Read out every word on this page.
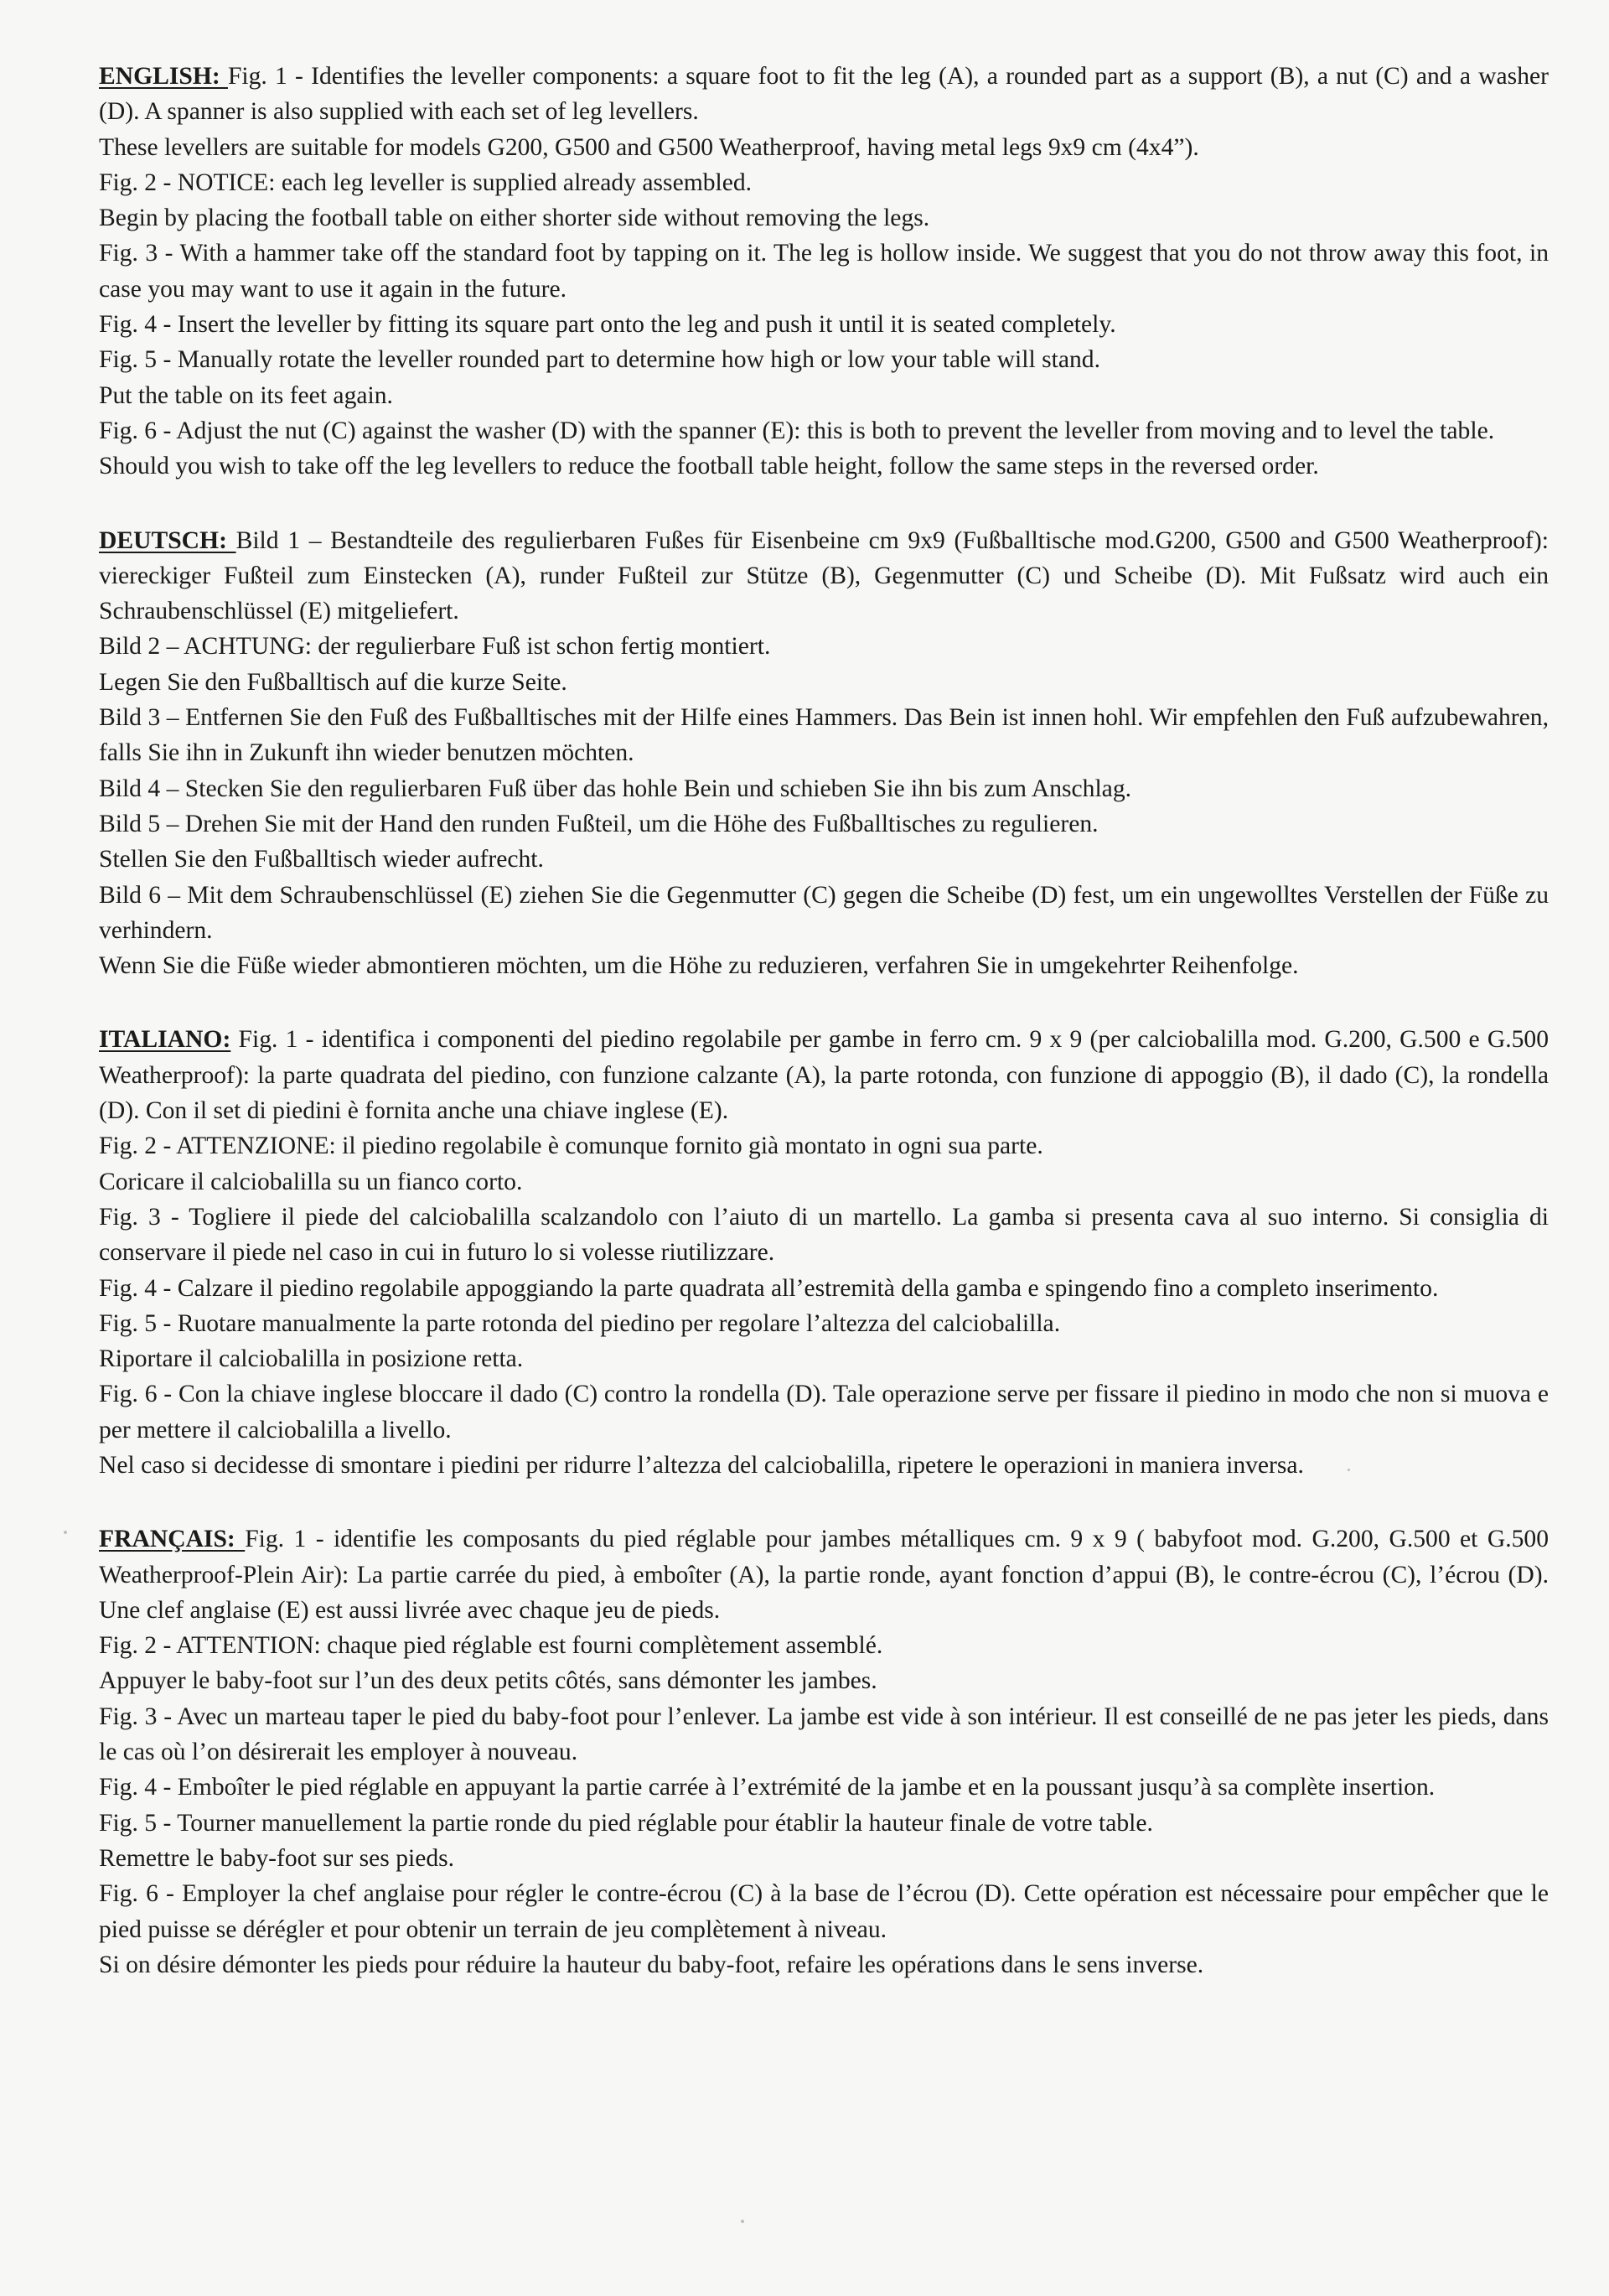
ENGLISH: Fig. 1 - Identifies the leveller components: a square foot to fit the leg (A), a rounded part as a support (B), a nut (C) and a washer (D). A spanner is also supplied with each set of leg levellers.

These levellers are suitable for models G200, G500 and G500 Weatherproof, having metal legs 9x9 cm (4x4”).

Fig. 2 - NOTICE: each leg leveller is supplied already assembled.

Begin by placing the football table on either shorter side without removing the legs.

Fig. 3 - With a hammer take off the standard foot by tapping on it. The leg is hollow inside. We suggest that you do not throw away this foot, in case you may want to use it again in the future.

Fig. 4 - Insert the leveller by fitting its square part onto the leg and push it until it is seated completely.

Fig. 5 - Manually rotate the leveller rounded part to determine how high or low your table will stand.

Put the table on its feet again.

Fig. 6 - Adjust the nut (C) against the washer (D) with the spanner (E): this is both to prevent the leveller from moving and to level the table.

Should you wish to take off the leg levellers to reduce the football table height, follow the same steps in the reversed order.

DEUTSCH: Bild 1 – Bestandteile des regulierbaren Fußes für Eisenbeine cm 9x9 (Fußballtische mod.G200, G500 and G500 Weatherproof): viereckiger Fußteil zum Einstecken (A), runder Fußteil zur Stütze (B), Gegenmutter (C) und Scheibe (D). Mit Fußsatz wird auch ein Schraubenschlüssel (E) mitgeliefert.

Bild 2 – ACHTUNG: der regulierbare Fuß ist schon fertig montiert.

Legen Sie den Fußballtisch auf die kurze Seite.

Bild 3 – Entfernen Sie den Fuß des Fußballtisches mit der Hilfe eines Hammers. Das Bein ist innen hohl. Wir empfehlen den Fuß aufzubewahren, falls Sie ihn in Zukunft ihn wieder benutzen möchten.

Bild 4 – Stecken Sie den regulierbaren Fuß über das hohle Bein und schieben Sie ihn bis zum Anschlag.

Bild 5 – Drehen Sie mit der Hand den runden Fußteil, um die Höhe des Fußballtisches zu regulieren.

Stellen Sie den Fußballtisch wieder aufrecht.

Bild 6 – Mit dem Schraubenschlüssel (E) ziehen Sie die Gegenmutter (C) gegen die Scheibe (D) fest, um ein ungewolltes Verstellen der Füße zu verhindern.

Wenn Sie die Füße wieder abmontieren möchten, um die Höhe zu reduzieren, verfahren Sie in umgekehrter Reihenfolge.

ITALIANO: Fig. 1 - identifica i componenti del piedino regolabile per gambe in ferro cm. 9 x 9 (per calciobalilla mod. G.200, G.500 e G.500 Weatherproof): la parte quadrata del piedino, con funzione calzante (A), la parte rotonda, con funzione di appoggio (B), il dado (C), la rondella (D). Con il set di piedini è fornita anche una chiave inglese (E).

Fig. 2 - ATTENZIONE: il piedino regolabile è comunque fornito già montato in ogni sua parte.

Coricare il calciobalilla su un fianco corto.

Fig. 3 - Togliere il piede del calciobalilla scalzandolo con l’aiuto di un martello. La gamba si presenta cava al suo interno. Si consiglia di conservare il piede nel caso in cui in futuro lo si volesse riutilizzare.

Fig. 4 - Calzare il piedino regolabile appoggiando la parte quadrata all’estremità della gamba e spingendo fino a completo inserimento.

Fig. 5 - Ruotare manualmente la parte rotonda del piedino per regolare l’altezza del calciobalilla.

Riportare il calciobalilla in posizione retta.

Fig. 6 - Con la chiave inglese bloccare il dado (C) contro la rondella (D). Tale operazione serve per fissare il piedino in modo che non si muova e per mettere il calciobalilla a livello.

Nel caso si decidesse di smontare i piedini per ridurre l’altezza del calciobalilla, ripetere le operazioni in maniera inversa.

FRANÇAIS: Fig. 1 - identifie les composants du pied réglable pour jambes métalliques cm. 9 x 9 ( babyfoot mod. G.200, G.500 et G.500 Weatherproof-Plein Air): La partie carrée du pied, à emboîter (A), la partie ronde, ayant fonction d’appui (B), le contre-écrou (C), l’écrou (D). Une clef anglaise (E) est aussi livrée avec chaque jeu de pieds.

Fig. 2 - ATTENTION: chaque pied réglable est fourni complètement assemblé.

Appuyer le baby-foot sur l’un des deux petits côtés, sans démonter les jambes.

Fig. 3 - Avec un marteau taper le pied du baby-foot pour l’enlever. La jambe est vide à son intérieur. Il est conseillé de ne pas jeter les pieds, dans le cas où l’on désirerait les employer à nouveau.

Fig. 4 - Emboîter le pied réglable en appuyant la partie carrée à l’extrémité de la jambe et en la poussant jusqu’à sa complète insertion.

Fig. 5 - Tourner manuellement la partie ronde du pied réglable pour établir la hauteur finale de votre table.

Remettre le baby-foot sur ses pieds.

Fig. 6 - Employer la chef anglaise pour régler le contre-écrou (C) à la base de l’écrou (D). Cette opération est nécessaire pour empêcher que le pied puisse se dérégler et pour obtenir un terrain de jeu complètement à niveau.

Si on désire démonter les pieds pour réduire la hauteur du baby-foot, refaire les opérations dans le sens inverse.
